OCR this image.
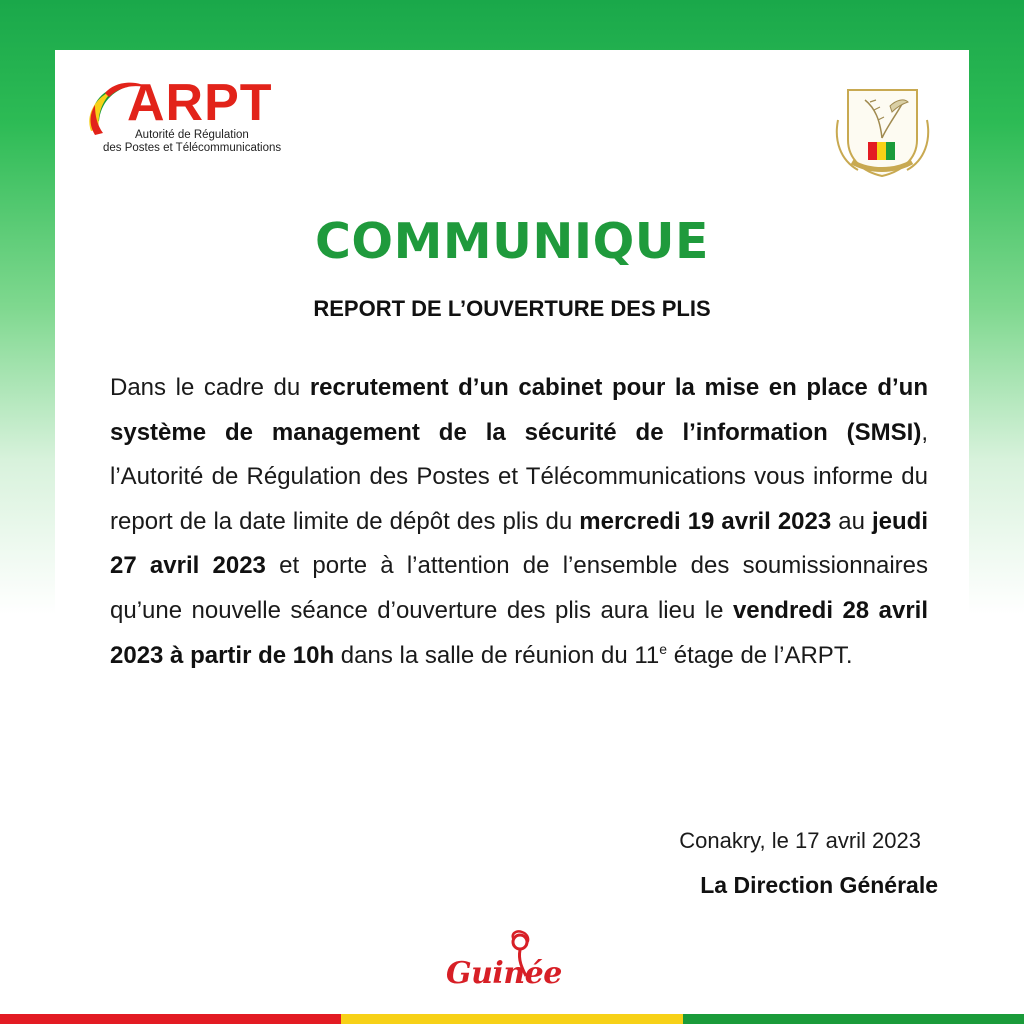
ARPT
Autorité de Régulation
des Postes et Télécommunications
COMMUNIQUE
REPORT DE L’OUVERTURE DES PLIS
Dans le cadre du recrutement d’un cabinet pour la mise en place d’un système de management de la sécurité de l’information (SMSI), l’Autorité de Régulation des Postes et Télécommunications vous informe du report de la date limite de dépôt des plis du mercredi 19 avril 2023 au jeudi 27 avril 2023 et porte à l’attention de l’ensemble des soumissionnaires qu’une nouvelle séance d’ouverture des plis aura lieu le vendredi 28 avril 2023 à partir de 10h dans la salle de réunion du 11e étage de l’ARPT.
Conakry, le 17 avril 2023
La Direction Générale
Guinée
